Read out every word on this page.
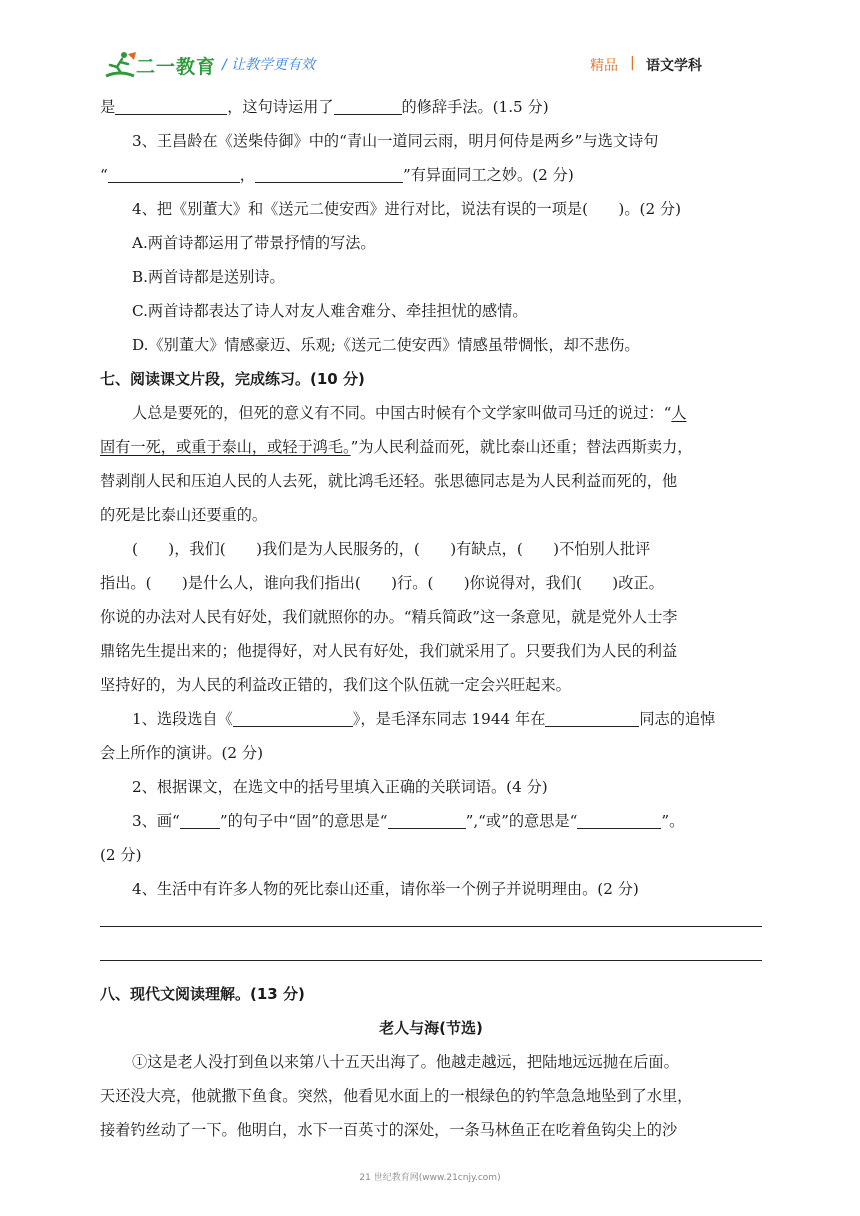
二一教育 / 让教学更有效	精品 | 语文学科
是	，这句诗运用了	的修辞手法。(1.5 分)
3、王昌龄在《送柴侍御》中的“青山一道同云雨，明月何侍是两乡”与选文诗句
“	，	”有异面同工之妙。(2 分)
4、把《别董大》和《送元二使安西》进行对比，说法有误的一项是(　　)。(2 分)
A.两首诗都运用了带景抒情的写法。
B.两首诗都是送别诗。
C.两首诗都表达了诗人对友人难舍难分、牵挂担忧的感情。
D.《别董大》情感豪迈、乐观;《送元二使安西》情感虽带惆怅，却不悲伤。
七、阅读课文片段，完成练习。(10 分)
人总是要死的，但死的意义有不同。中国古时候有个文学家叫做司马迁的说过：“人
固有一死，或重于泰山，或轻于鸿毛。”为人民利益而死，就比泰山还重；替法西斯卖力，
替剥削人民和压迫人民的人去死，就比鸿毛还轻。张思德同志是为人民利益而死的，他
的死是比泰山还要重的。
(　　)，我们(　　)我们是为人民服务的，(　　)有缺点，(　　)不怕别人批评
指出。(　　)是什么人，谁向我们指出(　　)行。(　　)你说得对，我们(　　)改正。
你说的办法对人民有好处，我们就照你的办。“精兵简政”这一条意见，就是党外人士李
鼎铭先生提出来的；他提得好，对人民有好处，我们就采用了。只要我们为人民的利益
坚持好的，为人民的利益改正错的，我们这个队伍就一定会兴旺起来。
1、选段选自《	》，是毛泽东同志 1944 年在	同志的追悼
会上所作的演讲。(2 分)
2、根据课文，在选文中的括号里填入正确的关联词语。(4 分)
3、画“	”的句子中“固”的意思是“	”,“或”的意思是“	”。
(2 分)
4、生活中有许多人物的死比泰山还重，请你举一个例子并说明理由。(2 分)
八、现代文阅读理解。(13 分)
老人与海(节选)
①这是老人没打到鱼以来第八十五天出海了。他越走越远，把陆地远远抛在后面。
天还没大亮，他就撒下鱼食。突然，他看见水面上的一根绿色的钓竿急急地坠到了水里，
接着钓丝动了一下。他明白，水下一百英寸的深处，一条马林鱼正在吃着鱼钩尖上的沙
21 世纪教育网(www.21cnjy.com)
